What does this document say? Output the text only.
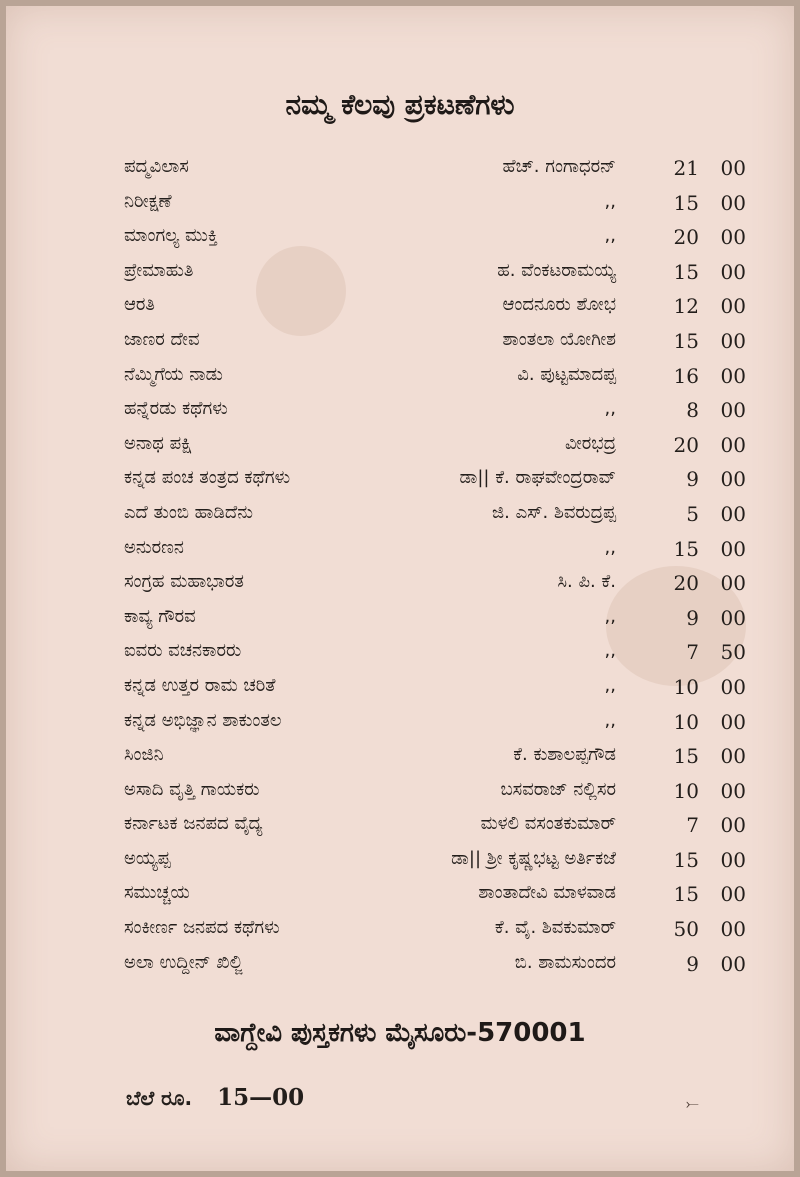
ನಮ್ಮ ಕೆಲವು ಪ್ರಕಟಣೆಗಳು
ಪದ್ಮವಿಲಾಸ	ಹೆಚ್. ಗಂಗಾಧರನ್	21	00
ನಿರೀಕ್ಷಣೆ	,,	15	00
ಮಾಂಗಲ್ಯ ಮುಕ್ತಿ	,,	20	00
ಪ್ರೇಮಾಹುತಿ	ಹ. ವೆಂಕಟರಾಮಯ್ಯ	15	00
ಆರತಿ	ಆಂದನೂರು ಶೋಭ	12	00
ಜಾಣರ ದೇವ	ಶಾಂತಲಾ ಯೋಗೀಶ	15	00
ನೆಮ್ಮಿಗೆಯ ನಾಡು	ವಿ. ಪುಟ್ಟಮಾದಪ್ಪ	16	00
ಹನ್ನೆರಡು ಕಥೆಗಳು	,,	8	00
ಅನಾಥ ಪಕ್ಷಿ	ವೀರಭದ್ರ	20	00
ಕನ್ನಡ ಪಂಚ ತಂತ್ರದ ಕಥೆಗಳು	ಡಾ|| ಕೆ. ರಾಘವೇಂದ್ರರಾವ್	9	00
ಎದೆ ತುಂಬಿ ಹಾಡಿದೆನು	ಜಿ. ಎಸ್. ಶಿವರುದ್ರಪ್ಪ	5	00
ಅನುರಣನ	,,	15	00
ಸಂಗ್ರಹ ಮಹಾಭಾರತ	ಸಿ. ಪಿ. ಕೆ.	20	00
ಕಾವ್ಯ ಗೌರವ	,,	9	00
ಐವರು ವಚನಕಾರರು	,,	7	50
ಕನ್ನಡ ಉತ್ತರ ರಾಮ ಚರಿತೆ	,,	10	00
ಕನ್ನಡ ಅಭಿಜ್ಞಾನ ಶಾಕುಂತಲ	,,	10	00
ಸಿಂಜಿನಿ	ಕೆ. ಕುಶಾಲಪ್ಪಗೌಡ	15	00
ಅಸಾದಿ ವೃತ್ತಿ ಗಾಯಕರು	ಬಸವರಾಜ್ ನಲ್ಲಿಸರ	10	00
ಕರ್ನಾಟಕ ಜನಪದ ವೈದ್ಯ	ಮಳಲಿ ವಸಂತಕುಮಾರ್	7	00
ಅಯ್ಯಪ್ಪ	ಡಾ|| ಶ್ರೀ ಕೃಷ್ಣಭಟ್ಟ ಅರ್ತಿಕಜೆ	15	00
ಸಮುಚ್ಚಯ	ಶಾಂತಾದೇವಿ ಮಾಳವಾಡ	15	00
ಸಂಕೀರ್ಣ ಜನಪದ ಕಥೆಗಳು	ಕೆ. ವೈ. ಶಿವಕುಮಾರ್	50	00
ಅಲಾ ಉದ್ದೀನ್ ಖಿಲ್ಜಿ	ಬಿ. ಶಾಮಸುಂದರ	9	00
ವಾಗ್ದೇವಿ ಪುಸ್ತಕಗಳು ಮೈಸೂರು-570001
ಬೆಲೆ ರೂ. 15—00	⤚
